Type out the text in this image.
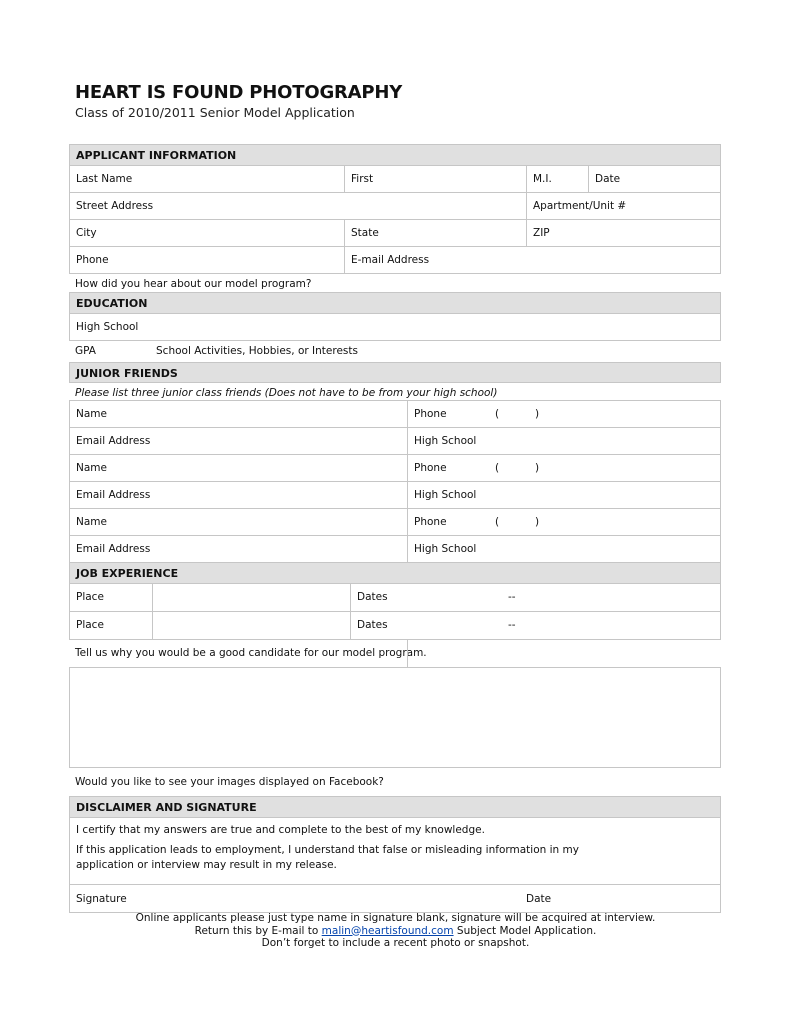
HEART IS FOUND PHOTOGRAPHY
Class of 2010/2011 Senior Model Application
APPLICANT INFORMATION
Last Name	First	M.I.	Date
Street Address	Apartment/Unit #
City	State	ZIP
Phone	E-mail Address
How did you hear about our model program?
EDUCATION
High School
GPA	School Activities, Hobbies, or Interests
JUNIOR FRIENDS
Please list three junior class friends (Does not have to be from your high school)
Name	Phone	(	)
Email Address	High School
Name	Phone	(	)
Email Address	High School
Name	Phone	(	)
Email Address	High School
JOB EXPERIENCE
Place	Dates	--
Place	Dates	--
Tell us why you would be a good candidate for our model program.
Would you like to see your images displayed on Facebook?
DISCLAIMER AND SIGNATURE
I certify that my answers are true and complete to the best of my knowledge.
If this application leads to employment, I understand that false or misleading information in my application or interview may result in my release.
Signature	Date
Online applicants please just type name in signature blank, signature will be acquired at interview.
Return this by E-mail to malin@heartisfound.com Subject Model Application.
Don’t forget to include a recent photo or snapshot.
